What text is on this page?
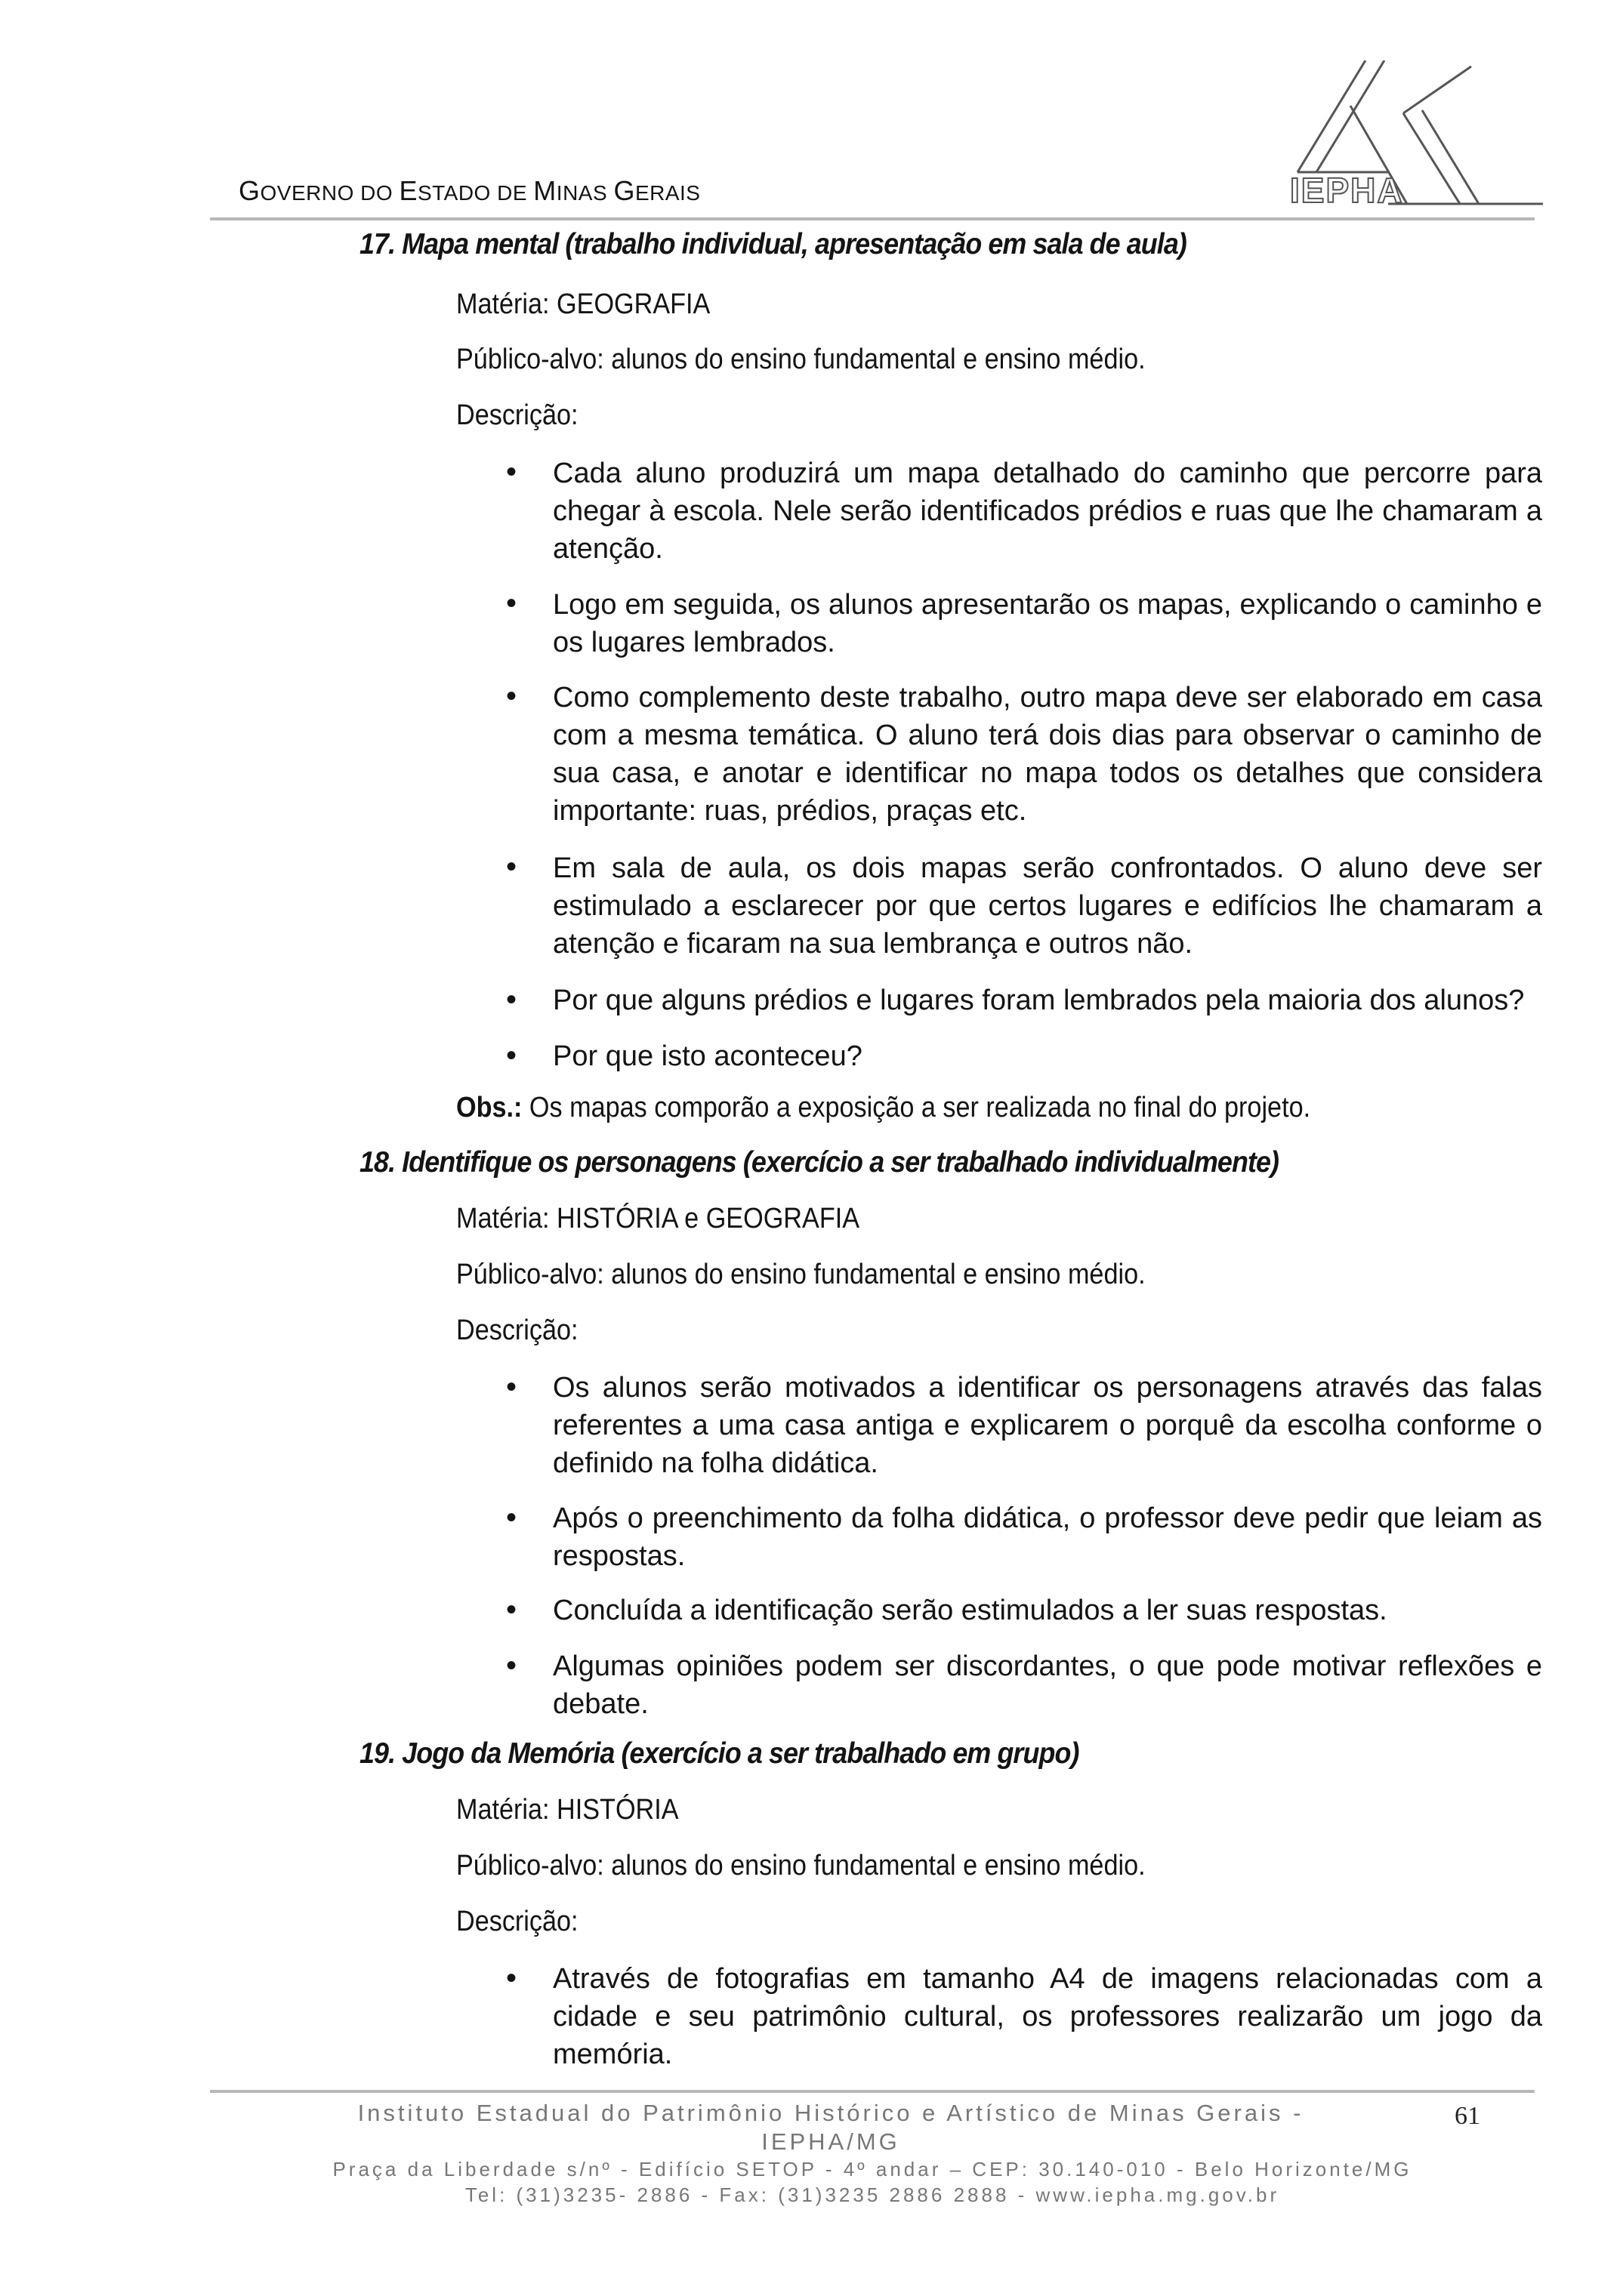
GOVERNO DO ESTADO DE MINAS GERAIS	IEPHA
17. Mapa mental (trabalho individual, apresentação em sala de aula)
Matéria: GEOGRAFIA
Público-alvo: alunos do ensino fundamental e ensino médio.
Descrição:
• Cada aluno produzirá um mapa detalhado do caminho que percorre para chegar à escola. Nele serão identificados prédios e ruas que lhe chamaram a atenção.
• Logo em seguida, os alunos apresentarão os mapas, explicando o caminho e os lugares lembrados.
• Como complemento deste trabalho, outro mapa deve ser elaborado em casa com a mesma temática. O aluno terá dois dias para observar o caminho de sua casa, e anotar e identificar no mapa todos os detalhes que considera importante: ruas, prédios, praças etc.
• Em sala de aula, os dois mapas serão confrontados. O aluno deve ser estimulado a esclarecer por que certos lugares e edifícios lhe chamaram a atenção e ficaram na sua lembrança e outros não.
• Por que alguns prédios e lugares foram lembrados pela maioria dos alunos?
• Por que isto aconteceu?
Obs.: Os mapas comporão a exposição a ser realizada no final do projeto.
18. Identifique os personagens (exercício a ser trabalhado individualmente)
Matéria: HISTÓRIA e GEOGRAFIA
Público-alvo: alunos do ensino fundamental e ensino médio.
Descrição:
• Os alunos serão motivados a identificar os personagens através das falas referentes a uma casa antiga e explicarem o porquê da escolha conforme o definido na folha didática.
• Após o preenchimento da folha didática, o professor deve pedir que leiam as respostas.
• Concluída a identificação serão estimulados a ler suas respostas.
• Algumas opiniões podem ser discordantes, o que pode motivar reflexões e debate.
19. Jogo da Memória (exercício a ser trabalhado em grupo)
Matéria: HISTÓRIA
Público-alvo: alunos do ensino fundamental e ensino médio.
Descrição:
• Através de fotografias em tamanho A4 de imagens relacionadas com a cidade e seu patrimônio cultural, os professores realizarão um jogo da memória.
Instituto Estadual do Patrimônio Histórico e Artístico de Minas Gerais - IEPHA/MG
61
Praça da Liberdade s/nº - Edifício SETOP - 4º andar – CEP: 30.140-010 - Belo Horizonte/MG
Tel: (31)3235- 2886 - Fax: (31)3235 2886 2888 - www.iepha.mg.gov.br
